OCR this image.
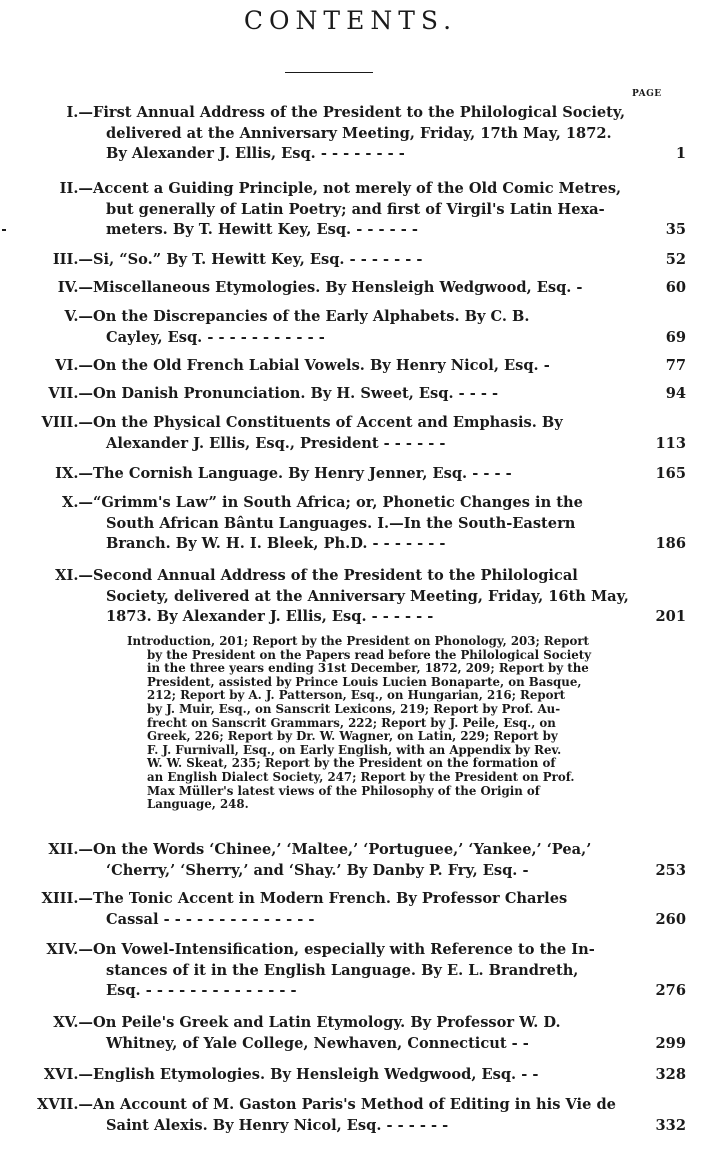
CONTENTS.
PAGE
I.— First Annual Address of the President to the Philological Society,
delivered at the Anniversary Meeting, Friday, 17th May, 1872.
By Alexander J. Ellis, Esq. - - - - - - - -	1
II.— Accent a Guiding Principle, not merely of the Old Comic Metres,
but generally of Latin Poetry; and first of Virgil's Latin Hexa-
meters. By T. Hewitt Key, Esq. - - - - - -	35
III.— Si, “So.” By T. Hewitt Key, Esq. - - - - - - -	52
IV.— Miscellaneous Etymologies. By Hensleigh Wedgwood, Esq. -	60
V.— On the Discrepancies of the Early Alphabets. By C. B.
Cayley, Esq. - - - - - - - - - - -	69
VI.— On the Old French Labial Vowels. By Henry Nicol, Esq. -	77
VII.— On Danish Pronunciation. By H. Sweet, Esq. - - - -	94
VIII.— On the Physical Constituents of Accent and Emphasis. By
Alexander J. Ellis, Esq., President - - - - - -	113
IX.— The Cornish Language. By Henry Jenner, Esq. - - - -	165
X.— “Grimm's Law” in South Africa; or, Phonetic Changes in the
South African Bântu Languages. I.—In the South-Eastern
Branch. By W. H. I. Bleek, Ph.D. - - - - - - -	186
XI.— Second Annual Address of the President to the Philological
Society, delivered at the Anniversary Meeting, Friday, 16th May,
1873. By Alexander J. Ellis, Esq. - - - - - -	201
XII.— On the Words ‘Chinee,’ ‘Maltee,’ ‘Portuguee,’ ‘Yankee,’ ‘Pea,’
‘Cherry,’ ‘Sherry,’ and ‘Shay.’ By Danby P. Fry, Esq. -	253
XIII.— The Tonic Accent in Modern French. By Professor Charles
Cassal - - - - - - - - - - - - - -	260
XIV.— On Vowel-Intensification, especially with Reference to the In-
stances of it in the English Language. By E. L. Brandreth,
Esq. - - - - - - - - - - - - - -	276
XV.— On Peile's Greek and Latin Etymology. By Professor W. D.
Whitney, of Yale College, Newhaven, Connecticut - -	299
XVI.— English Etymologies. By Hensleigh Wedgwood, Esq. - -	328
XVII.— An Account of M. Gaston Paris's Method of Editing in his Vie de
Saint Alexis. By Henry Nicol, Esq. - - - - - -	332
Introduction, 201; Report by the President on Phonology, 203; Report
by the President on the Papers read before the Philological Society
in the three years ending 31st December, 1872, 209; Report by the
President, assisted by Prince Louis Lucien Bonaparte, on Basque,
212; Report by A. J. Patterson, Esq., on Hungarian, 216; Report
by J. Muir, Esq., on Sanscrit Lexicons, 219; Report by Prof. Au-
frecht on Sanscrit Grammars, 222; Report by J. Peile, Esq., on
Greek, 226; Report by Dr. W. Wagner, on Latin, 229; Report by
F. J. Furnivall, Esq., on Early English, with an Appendix by Rev.
W. W. Skeat, 235; Report by the President on the formation of
an English Dialect Society, 247; Report by the President on Prof.
Max Müller's latest views of the Philosophy of the Origin of
Language, 248.
